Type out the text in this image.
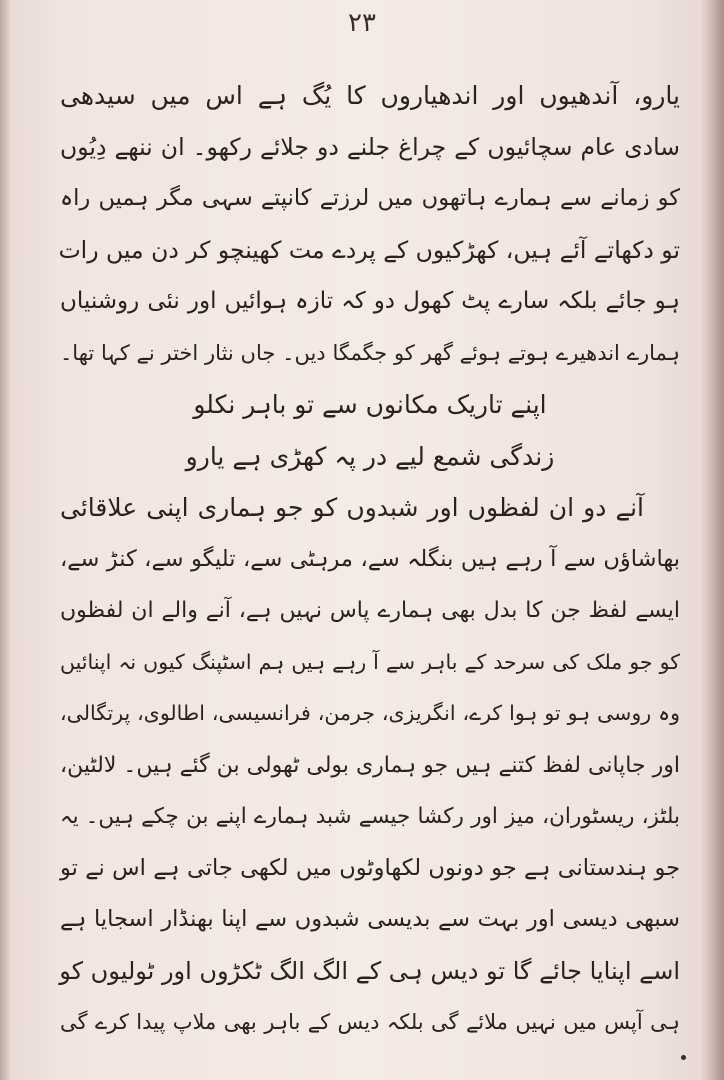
۲۳
یارو، آندھیوں اور اندھیاروں کا یُگ ہے اس میں سیدھی
سادی عام سچائیوں کے چراغ جلنے دو جلائے رکھو۔ ان ننھے دِیُوں
کو زمانے سے ہمارے ہاتھوں میں لرزتے کانپتے سہی مگر ہمیں راہ
تو دکھاتے آئے ہیں، کھڑکیوں کے پردے مت کھینچو کر دن میں رات
ہو جائے بلکہ سارے پٹ کھول دو کہ تازہ ہوائیں اور نئی روشنیاں
ہمارے اندھیرے ہوتے ہوئے گھر کو جگمگا دیں۔ جاں نثار اختر نے کہا تھا۔
اپنے تاریک مکانوں سے تو باہر نکلو
زندگی شمع لیے در پہ کھڑی ہے یارو
آنے دو ان لفظوں اور شبدوں کو جو ہماری اپنی علاقائی
بھاشاؤں سے آ رہے ہیں بنگلہ سے، مرہٹی سے، تلیگو سے، کنڑ سے،
ایسے لفظ جن کا بدل بھی ہمارے پاس نہیں ہے، آنے والے ان لفظوں
کو جو ملک کی سرحد کے باہر سے آ رہے ہیں ہم اسٹپنگ کیوں نہ اپنائیں
وہ روسی ہو تو ہوا کرے، انگریزی، جرمن، فرانسیسی، اطالوی، پرتگالی،
اور جاپانی لفظ کتنے ہیں جو ہماری بولی ٹھولی بن گئے ہیں۔ لالٹین،
بلٹز، ریسٹوران، میز اور رکشا جیسے شبد ہمارے اپنے بن چکے ہیں۔ یہ
جو ہندستانی ہے جو دونوں لکھاوٹوں میں لکھی جاتی ہے اس نے تو
سبھی دیسی اور بہت سے بدیسی شبدوں سے اپنا بھنڈار اسجایا ہے
اسے اپنایا جائے گا تو دیس ہی کے الگ الگ ٹکڑوں اور ٹولیوں کو
ہی آپس میں نہیں ملائے گی بلکہ دیس کے باہر بھی ملاپ پیدا کرے گی
